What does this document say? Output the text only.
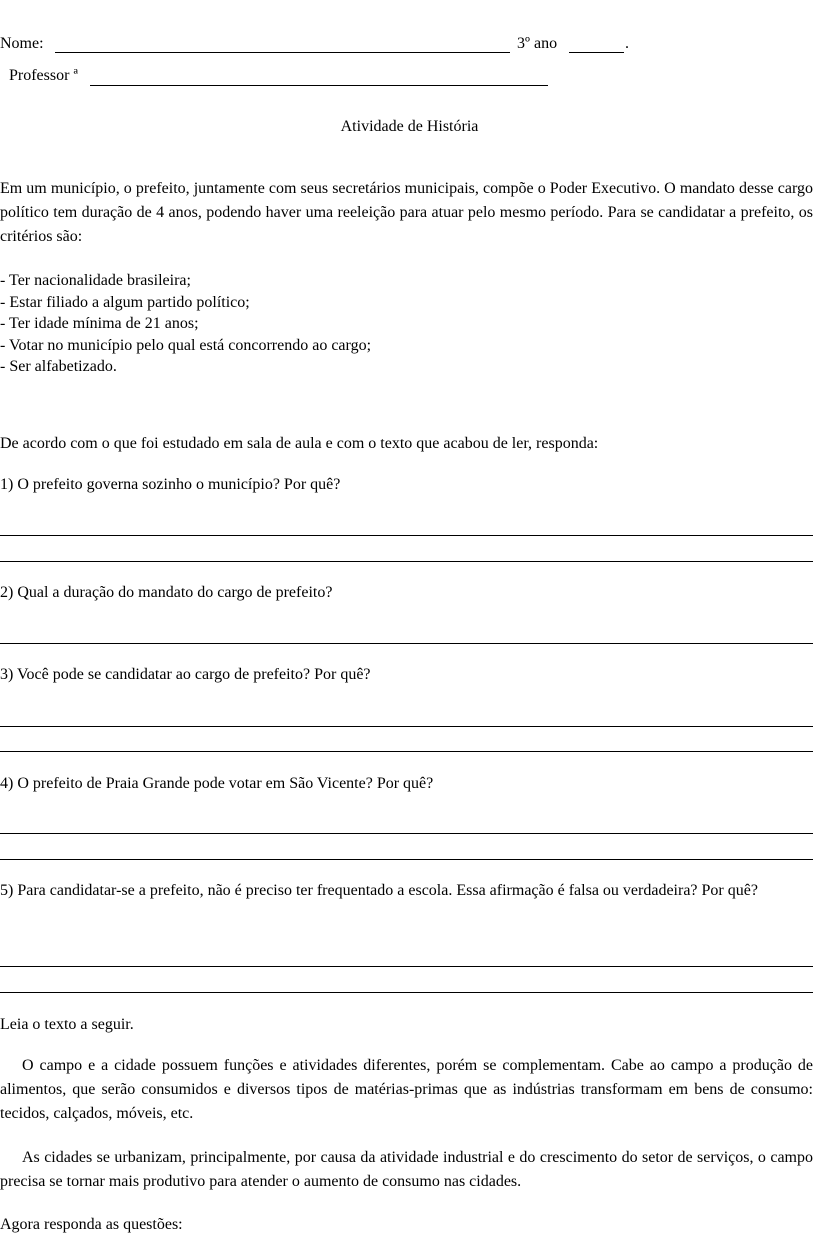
Nome:	3º ano	.
Professor ª
Atividade de História
Em um município, o prefeito, juntamente com seus secretários municipais, compõe o Poder Executivo. O mandato desse cargo político tem duração de 4 anos, podendo haver uma reeleição para atuar pelo mesmo período. Para se candidatar a prefeito, os critérios são:
- Ter nacionalidade brasileira;
- Estar filiado a algum partido político;
- Ter idade mínima de 21 anos;
- Votar no município pelo qual está concorrendo ao cargo;
- Ser alfabetizado.
De acordo com o que foi estudado em sala de aula e com o texto que acabou de ler, responda:
1) O prefeito governa sozinho o município? Por quê?
2) Qual a duração do mandato do cargo de prefeito?
3) Você pode se candidatar ao cargo de prefeito? Por quê?
4) O prefeito de Praia Grande pode votar em São Vicente? Por quê?
5) Para candidatar-se a prefeito, não é preciso ter frequentado a escola. Essa afirmação é falsa ou verdadeira? Por quê?
Leia o texto a seguir.
O campo e a cidade possuem funções e atividades diferentes, porém se complementam. Cabe ao campo a produção de alimentos, que serão consumidos e diversos tipos de matérias-primas que as indústrias transformam em bens de consumo: tecidos, calçados, móveis, etc.
As cidades se urbanizam, principalmente, por causa da atividade industrial e do crescimento do setor de serviços, o campo precisa se tornar mais produtivo para atender o aumento de consumo nas cidades.
Agora responda as questões:
